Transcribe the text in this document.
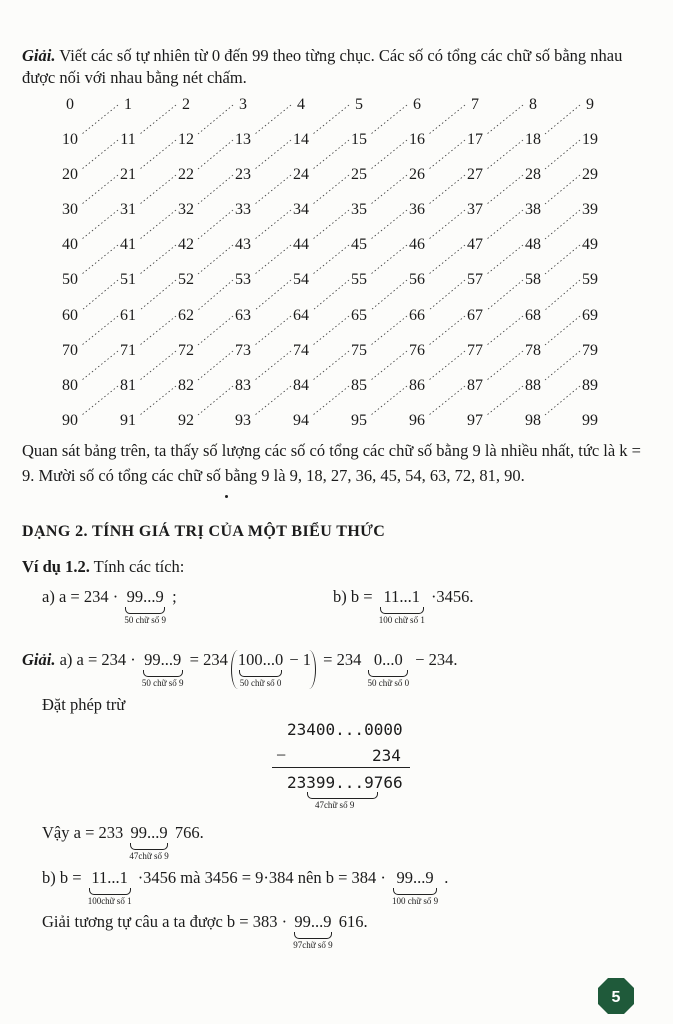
Giải. Viết các số tự nhiên từ 0 đến 99 theo từng chục. Các số có tổng các chữ số bằng nhau được nối với nhau bằng nét chấm.

0	1	2	3	4	5	6	7	8	9
10	11	12	13	14	15	16	17	18	19
20	21	22	23	24	25	26	27	28	29
30	31	32	33	34	35	36	37	38	39
40	41	42	43	44	45	46	47	48	49
50	51	52	53	54	55	56	57	58	59
60	61	62	63	64	65	66	67	68	69
70	71	72	73	74	75	76	77	78	79
80	81	82	83	84	85	86	87	88	89
90	91	92	93	94	95	96	97	98	99

Quan sát bảng trên, ta thấy số lượng các số có tổng các chữ số bằng 9 là nhiều nhất, tức là k = 9. Mười số có tổng các chữ số bằng 9 là 9, 18, 27, 36, 45, 54, 63, 72, 81, 90.

DẠNG 2. TÍNH GIÁ TRỊ CỦA MỘT BIỂU THỨC

Ví dụ 1.2. Tính các tích:

a) a = 234 · 99...9
50 chữ số 9
;	b) b = 11...1
100 chữ số 1
·3456.
Giải. a) a = 234 · 99...9
50 chữ số 9
= 234 100...0
50 chữ số 0
− 1 = 234 0...0
50 chữ số 0
− 234.

Đặt phép trừ

23400...0000
−	234
23399 ...
47chữ số 9
9766
Vậy a = 233 99...9
47chữ số 9
766.
b) b = 11...1
100chữ số 1
·3456 mà 3456 = 9·384 nên b = 384 · 99...9
100 chữ số 9
.
Giải tương tự câu a ta được b = 383 · 99...9
97chữ số 9
616.
5
